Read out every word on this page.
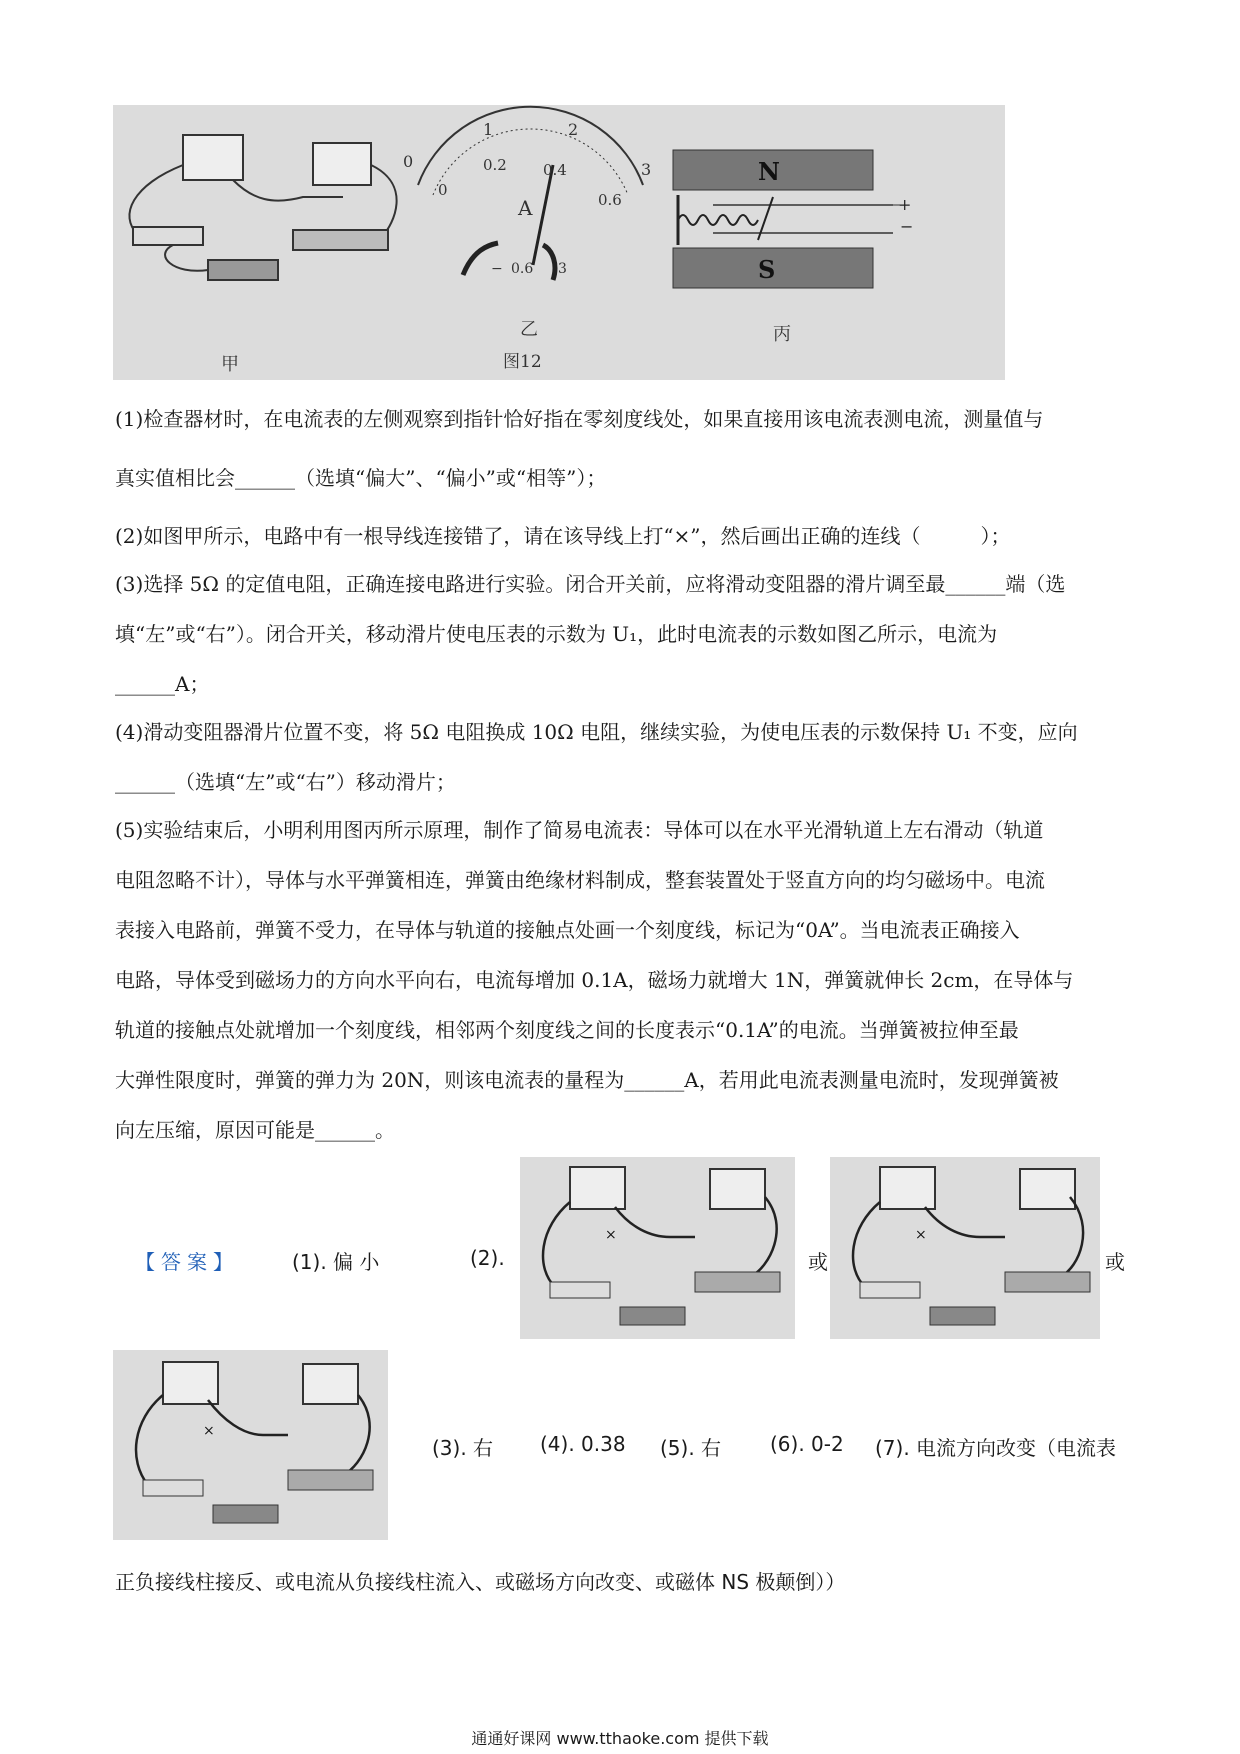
甲
0
1	2
3
0
0.2 0.4
0.6
A
− 0.6 3
乙
图12
N
S
+
−
丙
(1)检查器材时，在电流表的左侧观察到指针恰好指在零刻度线处，如果直接用该电流表测电流，测量值与
真实值相比会______（选填“偏大”、“偏小”或“相等”）；
(2)如图甲所示，电路中有一根导线连接错了，请在该导线上打“×”，然后画出正确的连线（　　　）；
(3)选择 5Ω 的定值电阻，正确连接电路进行实验。闭合开关前，应将滑动变阻器的滑片调至最______端（选
填“左”或“右”）。闭合开关，移动滑片使电压表的示数为 U₁，此时电流表的示数如图乙所示，电流为
______A；
(4)滑动变阻器滑片位置不变，将 5Ω 电阻换成 10Ω 电阻，继续实验，为使电压表的示数保持 U₁ 不变，应向
______（选填“左”或“右”）移动滑片；
(5)实验结束后，小明利用图丙所示原理，制作了简易电流表：导体可以在水平光滑轨道上左右滑动（轨道
电阻忽略不计），导体与水平弹簧相连，弹簧由绝缘材料制成，整套装置处于竖直方向的均匀磁场中。电流
表接入电路前，弹簧不受力，在导体与轨道的接触点处画一个刻度线，标记为“0A”。当电流表正确接入
电路，导体受到磁场力的方向水平向右，电流每增加 0.1A，磁场力就增大 1N，弹簧就伸长 2cm，在导体与
轨道的接触点处就增加一个刻度线，相邻两个刻度线之间的长度表示“0.1A”的电流。当弹簧被拉伸至最
大弹性限度时，弹簧的弹力为 20N，则该电流表的量程为______A，若用此电流表测量电流时，发现弹簧被
向左压缩，原因可能是______。
【答案】	(1). 偏 小	(2).
×
或
×
或
×
(3). 右 (4). 0.38 (5). 右 (6). 0-2 (7). 电流方向改变（电流表
正负接线柱接反、或电流从负接线柱流入、或磁场方向改变、或磁体 NS 极颠倒））
通通好课网 www.tthaoke.com 提供下载
